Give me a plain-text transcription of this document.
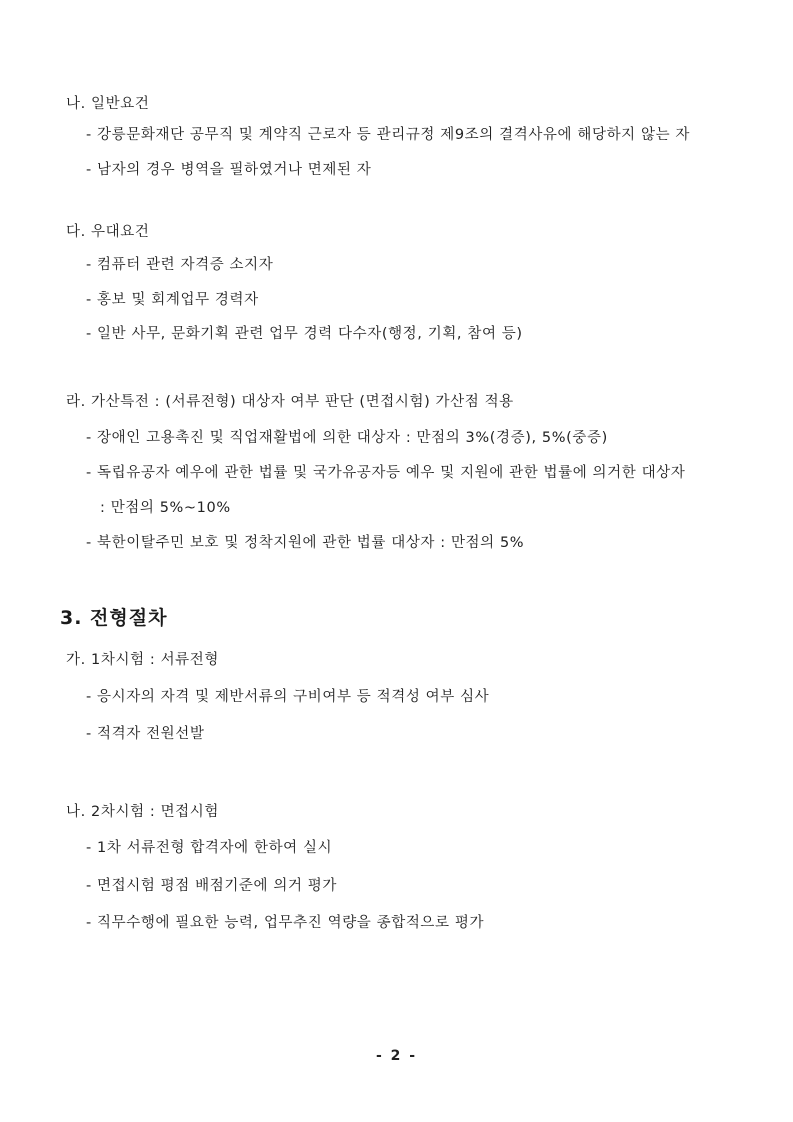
나. 일반요건
- 강릉문화재단 공무직 및 계약직 근로자 등 관리규정 제9조의 결격사유에 해당하지 않는 자
- 남자의 경우 병역을 필하였거나 면제된 자
다. 우대요건
- 컴퓨터 관련 자격증 소지자
- 홍보 및 회계업무 경력자
- 일반 사무, 문화기획 관련 업무 경력 다수자(행정, 기획, 참여 등)
라. 가산특전 : (서류전형) 대상자 여부 판단 (면접시험) 가산점 적용
- 장애인 고용촉진 및 직업재활법에 의한 대상자 : 만점의 3%(경증), 5%(중증)
- 독립유공자 예우에 관한 법률 및 국가유공자등 예우 및 지원에 관한 법률에 의거한 대상자
: 만점의 5%~10%
- 북한이탈주민 보호 및 정착지원에 관한 법률 대상자 : 만점의 5%
3. 전형절차
가. 1차시험 : 서류전형
- 응시자의 자격 및 제반서류의 구비여부 등 적격성 여부 심사
- 적격자 전원선발
나. 2차시험 : 면접시험
- 1차 서류전형 합격자에 한하여 실시
- 면접시험 평점 배점기준에 의거 평가
- 직무수행에 필요한 능력, 업무추진 역량을 종합적으로 평가
- 2 -
